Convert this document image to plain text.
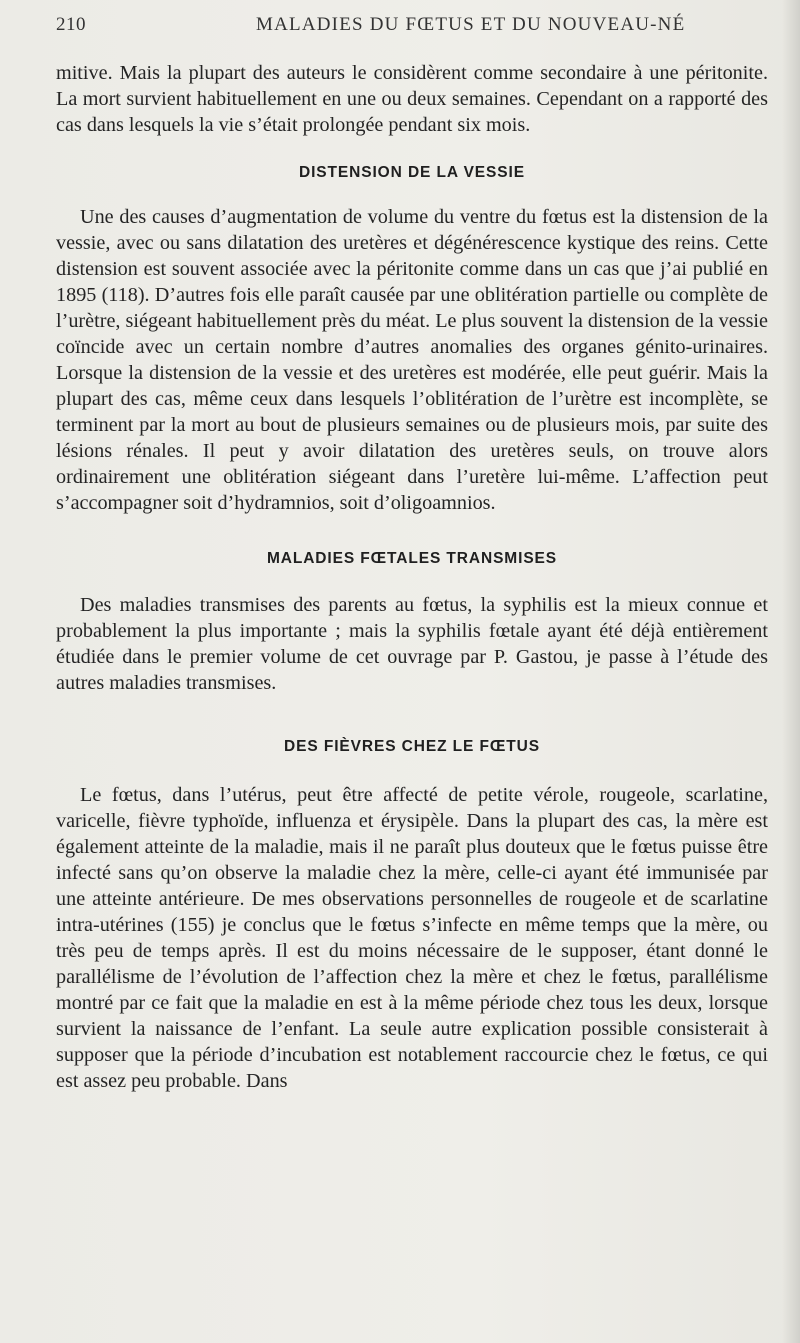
210	MALADIES DU FŒTUS ET DU NOUVEAU-NÉ

mitive. Mais la plupart des auteurs le considèrent comme secondaire à une péritonite. La mort survient habituellement en une ou deux semaines. Cependant on a rapporté des cas dans lesquels la vie s’était prolongée pendant six mois.

DISTENSION DE LA VESSIE

Une des causes d’augmentation de volume du ventre du fœtus est la distension de la vessie, avec ou sans dilatation des uretères et dégénérescence kystique des reins. Cette distension est souvent associée avec la péritonite comme dans un cas que j’ai publié en 1895 (118). D’autres fois elle paraît causée par une oblitération partielle ou complète de l’urètre, siégeant habituellement près du méat. Le plus souvent la distension de la vessie coïncide avec un certain nombre d’autres anomalies des organes génito-urinaires. Lorsque la distension de la vessie et des uretères est modérée, elle peut guérir. Mais la plupart des cas, même ceux dans lesquels l’oblitération de l’urètre est incomplète, se terminent par la mort au bout de plusieurs semaines ou de plusieurs mois, par suite des lésions rénales. Il peut y avoir dilatation des uretères seuls, on trouve alors ordinairement une oblitération siégeant dans l’uretère lui-même. L’affection peut s’accompagner soit d’hydramnios, soit d’oligoamnios.

MALADIES FŒTALES TRANSMISES

Des maladies transmises des parents au fœtus, la syphilis est la mieux connue et probablement la plus importante ; mais la syphilis fœtale ayant été déjà entièrement étudiée dans le premier volume de cet ouvrage par P. Gastou, je passe à l’étude des autres maladies transmises.

DES FIÈVRES CHEZ LE FŒTUS

Le fœtus, dans l’utérus, peut être affecté de petite vérole, rougeole, scarlatine, varicelle, fièvre typhoïde, influenza et érysipèle. Dans la plupart des cas, la mère est également atteinte de la maladie, mais il ne paraît plus douteux que le fœtus puisse être infecté sans qu’on observe la maladie chez la mère, celle-ci ayant été immunisée par une atteinte antérieure. De mes observations personnelles de rougeole et de scarlatine intra-utérines (155) je conclus que le fœtus s’infecte en même temps que la mère, ou très peu de temps après. Il est du moins nécessaire de le supposer, étant donné le parallélisme de l’évolution de l’affection chez la mère et chez le fœtus, parallélisme montré par ce fait que la maladie en est à la même période chez tous les deux, lorsque survient la naissance de l’enfant. La seule autre explication possible consisterait à supposer que la période d’incubation est notablement raccourcie chez le fœtus, ce qui est assez peu probable. Dans
